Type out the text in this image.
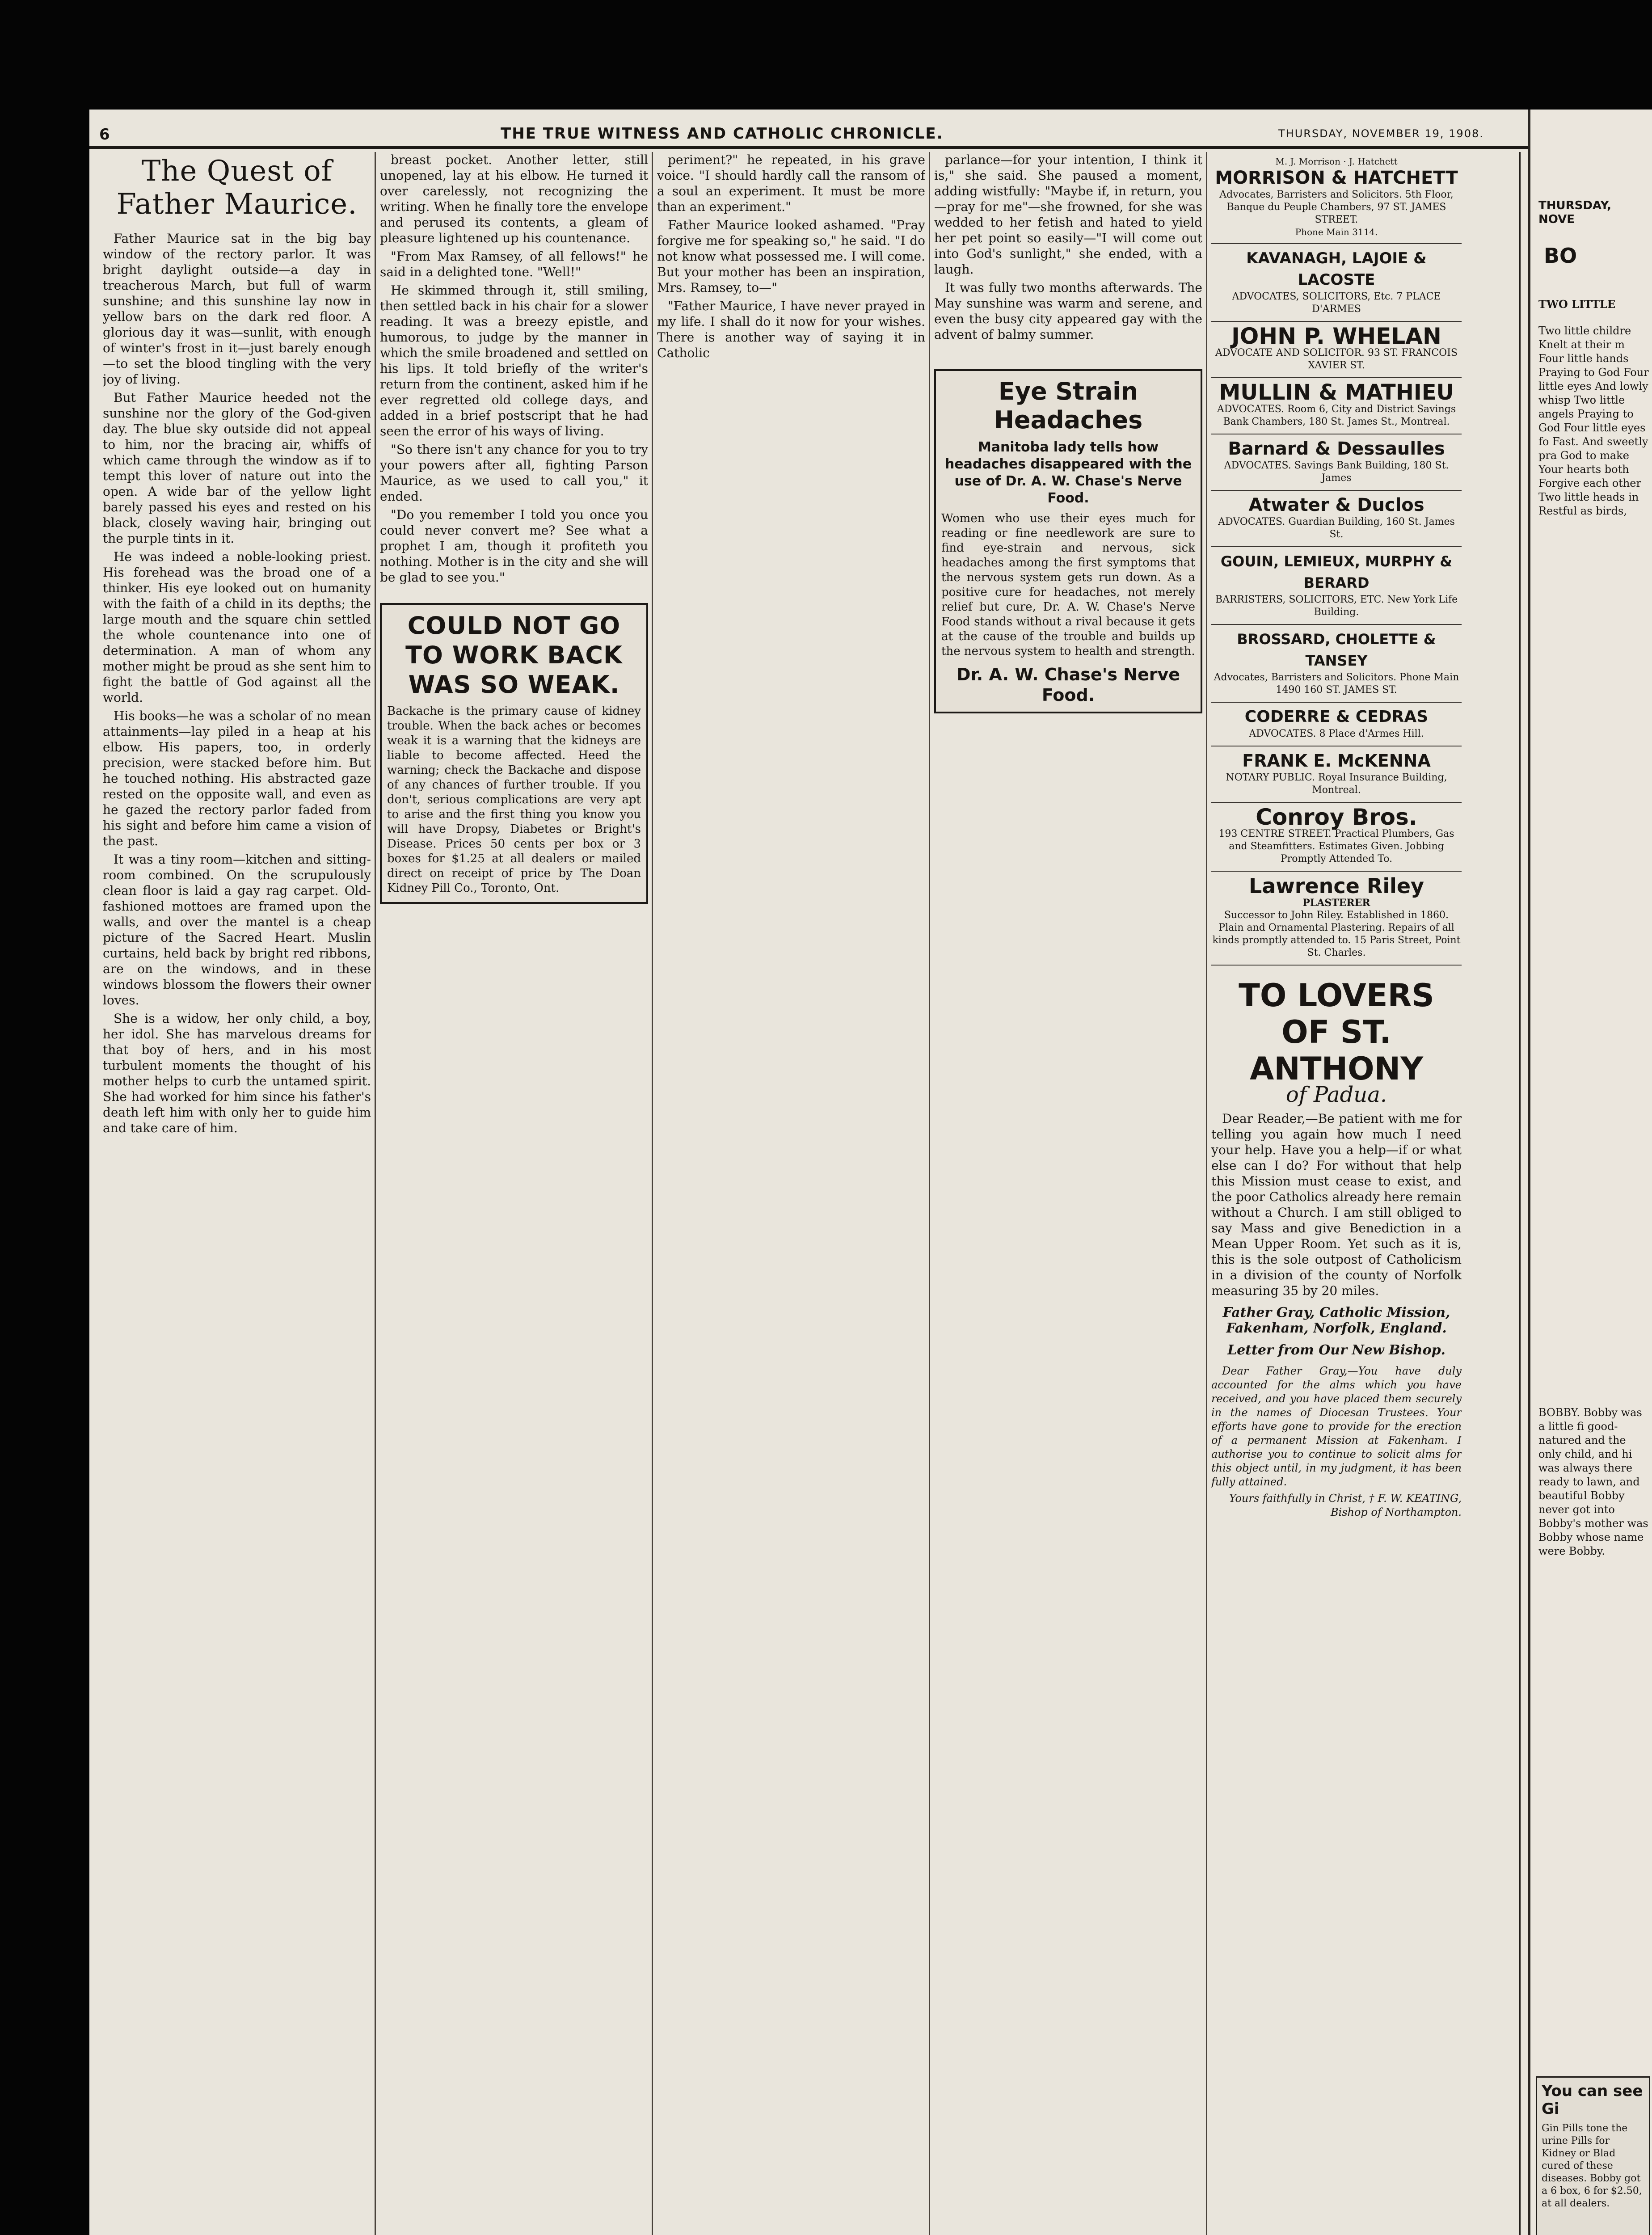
6	THE TRUE WITNESS AND CATHOLIC CHRONICLE.	THURSDAY, NOVEMBER 19, 1908.
The Quest of Father Maurice.

Father Maurice sat in the big bay window of the rectory parlor. It was bright daylight outside—a day in treacherous March, but full of warm sunshine; and this sunshine lay now in yellow bars on the dark red floor. A glorious day it was—sunlit, with enough of winter's frost in it—just barely enough—to set the blood tingling with the very joy of living.

But Father Maurice heeded not the sunshine nor the glory of the God-given day. The blue sky outside did not appeal to him, nor the bracing air, whiffs of which came through the window as if to tempt this lover of nature out into the open. A wide bar of the yellow light barely passed his eyes and rested on his black, closely waving hair, bringing out the purple tints in it.

He was indeed a noble-looking priest. His forehead was the broad one of a thinker. His eye looked out on humanity with the faith of a child in its depths; the large mouth and the square chin settled the whole countenance into one of determination. A man of whom any mother might be proud as she sent him to fight the battle of God against all the world.

His books—he was a scholar of no mean attainments—lay piled in a heap at his elbow. His papers, too, in orderly precision, were stacked before him. But he touched nothing. His abstracted gaze rested on the opposite wall, and even as he gazed the rectory parlor faded from his sight and before him came a vision of the past.

It was a tiny room—kitchen and sitting-room combined. On the scrupulously clean floor is laid a gay rag carpet. Old-fashioned mottoes are framed upon the walls, and over the mantel is a cheap picture of the Sacred Heart. Muslin curtains, held back by bright red ribbons, are on the windows, and in these windows blossom the flowers their owner loves.

She is a widow, her only child, a boy, her idol. She has marvelous dreams for that boy of hers, and in his most turbulent moments the thought of his mother helps to curb the untamed spirit. She had worked for him since his father's death left him with only her to guide him and take care of him.

breast pocket. Another letter, still unopened, lay at his elbow. He turned it over carelessly, not recognizing the writing. When he finally tore the envelope and perused its contents, a gleam of pleasure lightened up his countenance.

"From Max Ramsey, of all fellows!" he said in a delighted tone. "Well!"

He skimmed through it, still smiling, then settled back in his chair for a slower reading. It was a breezy epistle, and humorous, to judge by the manner in which the smile broadened and settled on his lips. It told briefly of the writer's return from the continent, asked him if he ever regretted old college days, and added in a brief postscript that he had seen the error of his ways of living.

"So there isn't any chance for you to try your powers after all, fighting Parson Maurice, as we used to call you," it ended.

"Do you remember I told you once you could never convert me? See what a prophet I am, though it profiteth you nothing. Mother is in the city and she will be glad to see you."

COULD NOT GO TO WORK BACK WAS SO WEAK.
Backache is the primary cause of kidney trouble. When the back aches or becomes weak it is a warning that the kidneys are liable to become affected. Heed the warning; check the Backache and dispose of any chances of further trouble. If you don't, serious complications are very apt to arise and the first thing you know you will have Dropsy, Diabetes or Bright's Disease. Prices 50 cents per box or 3 boxes for $1.25 at all dealers or mailed direct on receipt of price by The Doan Kidney Pill Co., Toronto, Ont.

periment?" he repeated, in his grave voice. "I should hardly call the ransom of a soul an experiment. It must be more than an experiment."

Father Maurice looked ashamed. "Pray forgive me for speaking so," he said. "I do not know what possessed me. I will come. But your mother has been an inspiration, Mrs. Ramsey, to—"

"Father Maurice, I have never prayed in my life. I shall do it now for your wishes. There is another way of saying it in Catholic

parlance—for your intention, I think it is," she said. She paused a moment, adding wistfully: "Maybe if, in return, you—pray for me"—she frowned, for she was wedded to her fetish and hated to yield her pet point so easily—"I will come out into God's sunlight," she ended, with a laugh.

It was fully two months afterwards. The May sunshine was warm and serene, and even the busy city appeared gay with the advent of balmy summer.

Eye Strain Headaches
Manitoba lady tells how headaches disappeared with the use of Dr. A. W. Chase's Nerve Food.
Women who use their eyes much for reading or fine needlework are sure to find eye-strain and nervous, sick headaches among the first symptoms that the nervous system gets run down. As a positive cure for headaches, not merely relief but cure, Dr. A. W. Chase's Nerve Food stands without a rival because it gets at the cause of the trouble and builds up the nervous system to health and strength.
Dr. A. W. Chase's Nerve Food.
M. J. Morrison · J. Hatchett
MORRISON & HATCHETT
Advocates, Barristers and Solicitors. 5th Floor, Banque du Peuple Chambers, 97 ST. JAMES STREET.
Phone Main 3114.
KAVANAGH, LAJOIE & LACOSTE
ADVOCATES, SOLICITORS, Etc. 7 PLACE D'ARMES
JOHN P. WHELAN
ADVOCATE AND SOLICITOR. 93 ST. FRANCOIS XAVIER ST.
MULLIN & MATHIEU
ADVOCATES. Room 6, City and District Savings Bank Chambers, 180 St. James St., Montreal.
Barnard & Dessaulles
ADVOCATES. Savings Bank Building, 180 St. James
Atwater & Duclos
ADVOCATES. Guardian Building, 160 St. James St.
GOUIN, LEMIEUX, MURPHY & BERARD
BARRISTERS, SOLICITORS, ETC. New York Life Building.
BROSSARD, CHOLETTE & TANSEY
Advocates, Barristers and Solicitors. Phone Main 1490 160 ST. JAMES ST.
CODERRE & CEDRAS
ADVOCATES. 8 Place d'Armes Hill.
FRANK E. McKENNA
NOTARY PUBLIC. Royal Insurance Building, Montreal.
Conroy Bros.
193 CENTRE STREET. Practical Plumbers, Gas and Steamfitters. Estimates Given. Jobbing Promptly Attended To.
Lawrence Riley
PLASTERER
Successor to John Riley. Established in 1860. Plain and Ornamental Plastering. Repairs of all kinds promptly attended to. 15 Paris Street, Point St. Charles.
TO LOVERS OF ST. ANTHONY
of Padua.

Dear Reader,—Be patient with me for telling you again how much I need your help. Have you a help—if or what else can I do? For without that help this Mission must cease to exist, and the poor Catholics already here remain without a Church. I am still obliged to say Mass and give Benediction in a Mean Upper Room. Yet such as it is, this is the sole outpost of Catholicism in a division of the county of Norfolk measuring 35 by 20 miles.

Father Gray, Catholic Mission, Fakenham, Norfolk, England.
Letter from Our New Bishop.

Dear Father Gray,—You have duly accounted for the alms which you have received, and you have placed them securely in the names of Diocesan Trustees. Your efforts have gone to provide for the erection of a permanent Mission at Fakenham. I authorise you to continue to solicit alms for this object until, in my judgment, it has been fully attained.

Yours faithfully in Christ, † F. W. KEATING, Bishop of Northampton.

THURSDAY, NOVE
BO
TWO LITTLE
Two little childre Knelt at their m Four little hands Praying to God Four little eyes And lowly whisp Two little angels Praying to God Four little eyes fo Fast. And sweetly pra God to make Your hearts both Forgive each other Two little heads in Restful as birds,
BOBBY. Bobby was a little fi good-natured and the only child, and hi was always there ready to lawn, and beautiful Bobby never got into Bobby's mother was Bobby whose name were Bobby.
You can see Gi
Gin Pills tone the urine Pills for Kidney or Blad cured of these diseases. Bobby got a 6 box, 6 for $2.50, at all dealers.
